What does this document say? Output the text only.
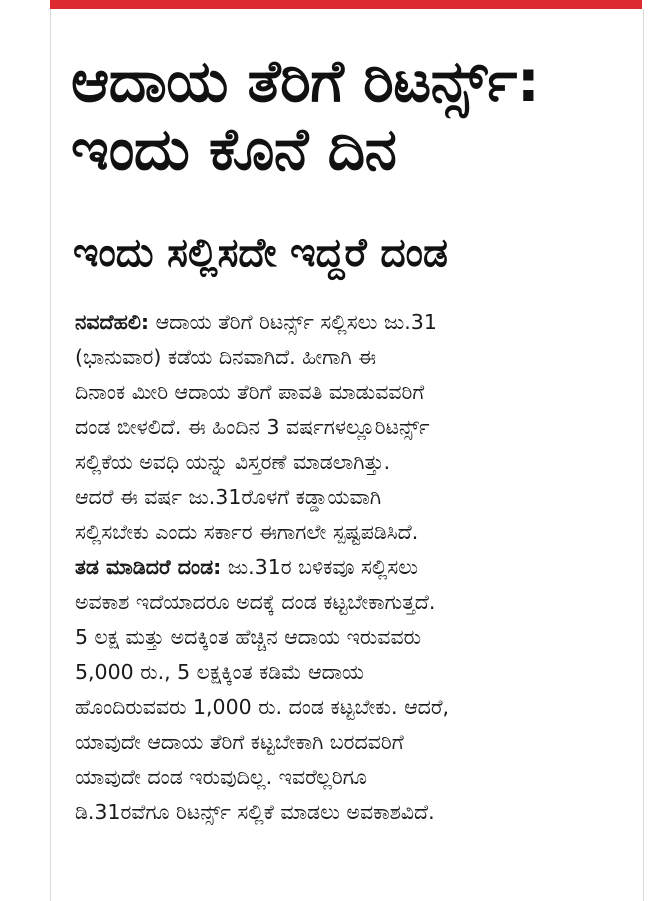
ಆದಾಯ ತೆರಿಗೆ ರಿಟರ್ನ್ಸ್:
ಇಂದು ಕೊನೆ ದಿನ
ಇಂದು ಸಲ್ಲಿಸದೇ ಇದ್ದರೆ ದಂಡ
ನವದೆಹಲಿ: ಆದಾಯ ತೆರಿಗೆ ರಿಟರ್ನ್ಸ್ ಸಲ್ಲಿಸಲು ಜು.31
(ಭಾನುವಾರ) ಕಡೆಯ ದಿನವಾಗಿದೆ. ಹೀಗಾಗಿ ಈ
ದಿನಾಂಕ ಮೀರಿ ಆದಾಯ ತೆರಿಗೆ ಪಾವತಿ ಮಾಡುವವರಿಗೆ
ದಂಡ ಬೀಳಲಿದೆ. ಈ ಹಿಂದಿನ 3 ವರ್ಷಗಳಲ್ಲೂರಿಟರ್ನ್ಸ್
ಸಲ್ಲಿಕೆಯ ಅವಧಿ ಯನ್ನು ವಿಸ್ತರಣೆ ಮಾಡಲಾಗಿತ್ತು.
ಆದರೆ ಈ ವರ್ಷ ಜು.31ರೊಳಗೆ ಕಡ್ಡಾಯವಾಗಿ
ಸಲ್ಲಿಸಬೇಕು ಎಂದು ಸರ್ಕಾರ ಈಗಾಗಲೇ ಸ್ಪಷ್ಟಪಡಿಸಿದೆ.
ತಡ ಮಾಡಿದರೆ ದಂಡ: ಜು.31ರ ಬಳಿಕವೂ ಸಲ್ಲಿಸಲು
ಅವಕಾಶ ಇದೆಯಾದರೂ ಅದಕ್ಕೆ ದಂಡ ಕಟ್ಟಬೇಕಾಗುತ್ತದೆ.
5 ಲಕ್ಷ ಮತ್ತು ಅದಕ್ಕಿಂತ ಹೆಚ್ಚಿನ ಆದಾಯ ಇರುವವರು
5,000 ರು., 5 ಲಕ್ಷಕ್ಕಿಂತ ಕಡಿಮೆ ಆದಾಯ
ಹೊಂದಿರುವವರು 1,000 ರು. ದಂಡ ಕಟ್ಟಬೇಕು. ಆದರೆ,
ಯಾವುದೇ ಆದಾಯ ತೆರಿಗೆ ಕಟ್ಟಬೇಕಾಗಿ ಬರದವರಿಗೆ
ಯಾವುದೇ ದಂಡ ಇರುವುದಿಲ್ಲ. ಇವರೆಲ್ಲರಿಗೂ
ಡಿ.31ರವೆಗೂ ರಿಟರ್ನ್ಸ್ ಸಲ್ಲಿಕೆ ಮಾಡಲು ಅವಕಾಶವಿದೆ.
